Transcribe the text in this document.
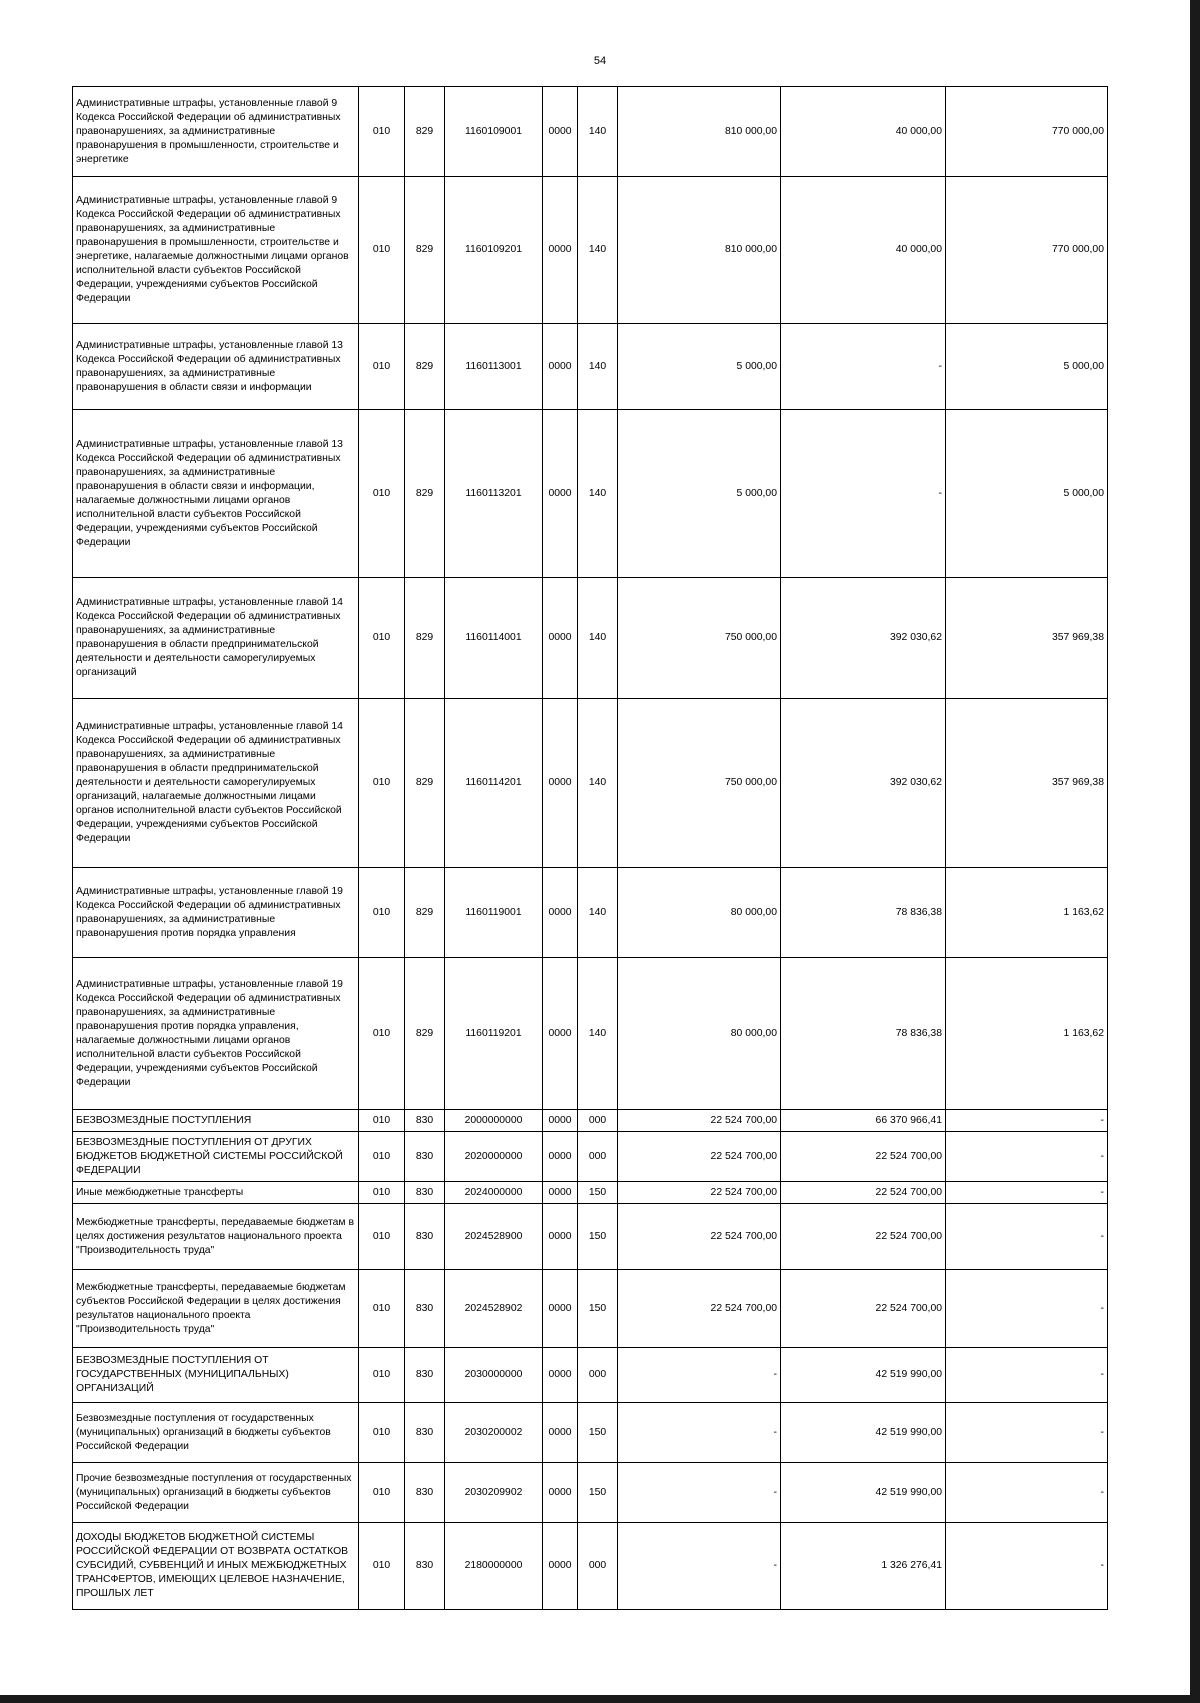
54
Административные штрафы, установленные главой 9 Кодекса Российской Федерации об административных правонарушениях, за административные правонарушения в промышленности, строительстве и энергетике	010	829	1160109001	0000	140	810 000,00	40 000,00	770 000,00
Административные штрафы, установленные главой 9 Кодекса Российской Федерации об административных правонарушениях, за административные правонарушения в промышленности, строительстве и энергетике, налагаемые должностными лицами органов исполнительной власти субъектов Российской Федерации, учреждениями субъектов Российской Федерации	010	829	1160109201	0000	140	810 000,00	40 000,00	770 000,00
Административные штрафы, установленные главой 13 Кодекса Российской Федерации об административных правонарушениях, за административные правонарушения в области связи и информации	010	829	1160113001	0000	140	5 000,00	-	5 000,00
Административные штрафы, установленные главой 13 Кодекса Российской Федерации об административных правонарушениях, за административные правонарушения в области связи и информации, налагаемые должностными лицами органов исполнительной власти субъектов Российской Федерации, учреждениями субъектов Российской Федерации	010	829	1160113201	0000	140	5 000,00	-	5 000,00
Административные штрафы, установленные главой 14 Кодекса Российской Федерации об административных правонарушениях, за административные правонарушения в области предпринимательской деятельности и деятельности саморегулируемых организаций	010	829	1160114001	0000	140	750 000,00	392 030,62	357 969,38
Административные штрафы, установленные главой 14 Кодекса Российской Федерации об административных правонарушениях, за административные правонарушения в области предпринимательской деятельности и деятельности саморегулируемых организаций, налагаемые должностными лицами органов исполнительной власти субъектов Российской Федерации, учреждениями субъектов Российской Федерации	010	829	1160114201	0000	140	750 000,00	392 030,62	357 969,38
Административные штрафы, установленные главой 19 Кодекса Российской Федерации об административных правонарушениях, за административные правонарушения против порядка управления	010	829	1160119001	0000	140	80 000,00	78 836,38	1 163,62
Административные штрафы, установленные главой 19 Кодекса Российской Федерации об административных правонарушениях, за административные правонарушения против порядка управления, налагаемые должностными лицами органов исполнительной власти субъектов Российской Федерации, учреждениями субъектов Российской Федерации	010	829	1160119201	0000	140	80 000,00	78 836,38	1 163,62
БЕЗВОЗМЕЗДНЫЕ ПОСТУПЛЕНИЯ	010	830	2000000000	0000	000	22 524 700,00	66 370 966,41	-
БЕЗВОЗМЕЗДНЫЕ ПОСТУПЛЕНИЯ ОТ ДРУГИХ БЮДЖЕТОВ БЮДЖЕТНОЙ СИСТЕМЫ РОССИЙСКОЙ ФЕДЕРАЦИИ	010	830	2020000000	0000	000	22 524 700,00	22 524 700,00	-
Иные межбюджетные трансферты	010	830	2024000000	0000	150	22 524 700,00	22 524 700,00	-
Межбюджетные трансферты, передаваемые бюджетам в целях достижения результатов национального проекта "Производительность труда"	010	830	2024528900	0000	150	22 524 700,00	22 524 700,00	-
Межбюджетные трансферты, передаваемые бюджетам субъектов Российской Федерации в целях достижения результатов национального проекта "Производительность труда"	010	830	2024528902	0000	150	22 524 700,00	22 524 700,00	-
БЕЗВОЗМЕЗДНЫЕ ПОСТУПЛЕНИЯ ОТ ГОСУДАРСТВЕННЫХ (МУНИЦИПАЛЬНЫХ) ОРГАНИЗАЦИЙ	010	830	2030000000	0000	000	-	42 519 990,00	-
Безвозмездные поступления от государственных (муниципальных) организаций в бюджеты субъектов Российской Федерации	010	830	2030200002	0000	150	-	42 519 990,00	-
Прочие безвозмездные поступления от государственных (муниципальных) организаций в бюджеты субъектов Российской Федерации	010	830	2030209902	0000	150	-	42 519 990,00	-
ДОХОДЫ БЮДЖЕТОВ БЮДЖЕТНОЙ СИСТЕМЫ РОССИЙСКОЙ ФЕДЕРАЦИИ ОТ ВОЗВРАТА ОСТАТКОВ СУБСИДИЙ, СУБВЕНЦИЙ И ИНЫХ МЕЖБЮДЖЕТНЫХ ТРАНСФЕРТОВ, ИМЕЮЩИХ ЦЕЛЕВОЕ НАЗНАЧЕНИЕ, ПРОШЛЫХ ЛЕТ	010	830	2180000000	0000	000	-	1 326 276,41	-
